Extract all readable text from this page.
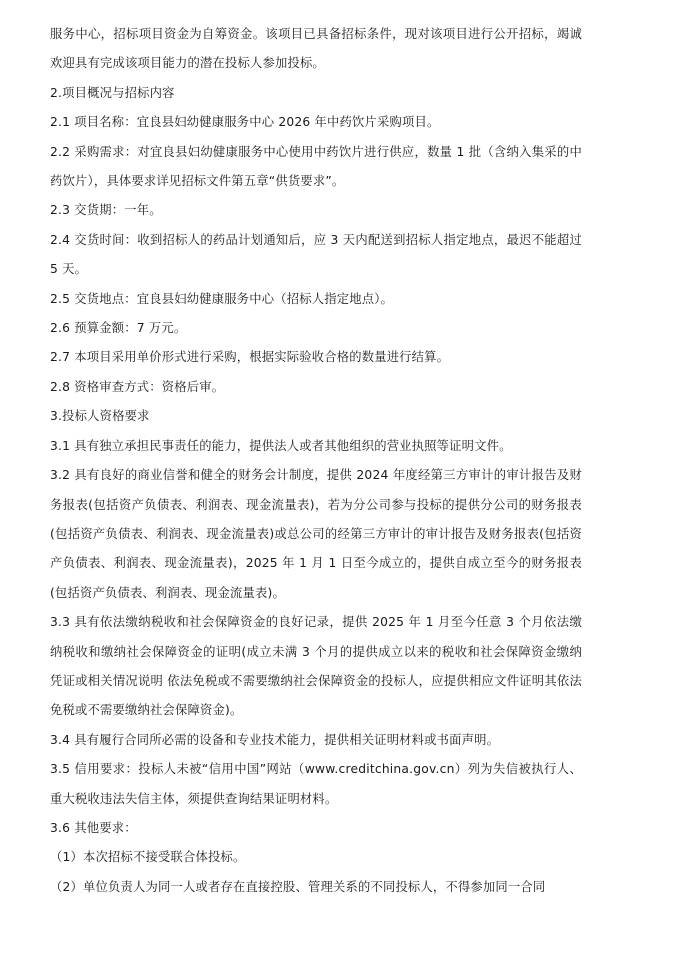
服务中心，招标项目资金为自筹资金。该项目已具备招标条件，现对该项目进行公开招标，竭诚欢迎具有完成该项目能力的潜在投标人参加投标。

2.项目概况与招标内容

2.1 项目名称：宜良县妇幼健康服务中心 2026 年中药饮片采购项目。

2.2 采购需求：对宜良县妇幼健康服务中心使用中药饮片进行供应，数量 1 批（含纳入集采的中药饮片），具体要求详见招标文件第五章“供货要求”。

2.3 交货期：一年。

2.4 交货时间：收到招标人的药品计划通知后，应 3 天内配送到招标人指定地点，最迟不能超过 5 天。

2.5 交货地点：宜良县妇幼健康服务中心（招标人指定地点）。

2.6 预算金额：7 万元。

2.7 本项目采用单价形式进行采购，根据实际验收合格的数量进行结算。

2.8 资格审查方式：资格后审。

3.投标人资格要求

3.1 具有独立承担民事责任的能力，提供法人或者其他组织的营业执照等证明文件。

3.2 具有良好的商业信誉和健全的财务会计制度，提供 2024 年度经第三方审计的审计报告及财务报表(包括资产负债表、利润表、现金流量表)，若为分公司参与投标的提供分公司的财务报表(包括资产负债表、利润表、现金流量表)或总公司的经第三方审计的审计报告及财务报表(包括资产负债表、利润表、现金流量表)，2025 年 1 月 1 日至今成立的，提供自成立至今的财务报表(包括资产负债表、利润表、现金流量表)。

3.3 具有依法缴纳税收和社会保障资金的良好记录，提供 2025 年 1 月至今任意 3 个月依法缴纳税收和缴纳社会保障资金的证明(成立未满 3 个月的提供成立以来的税收和社会保障资金缴纳凭证或相关情况说明 依法免税或不需要缴纳社会保障资金的投标人，应提供相应文件证明其依法免税或不需要缴纳社会保障资金)。

3.4 具有履行合同所必需的设备和专业技术能力，提供相关证明材料或书面声明。

3.5 信用要求：投标人未被“信用中国”网站（www.creditchina.gov.cn）列为失信被执行人、重大税收违法失信主体，须提供查询结果证明材料。

3.6 其他要求：

（1）本次招标不接受联合体投标。

（2）单位负责人为同一人或者存在直接控股、管理关系的不同投标人，不得参加同一合同
